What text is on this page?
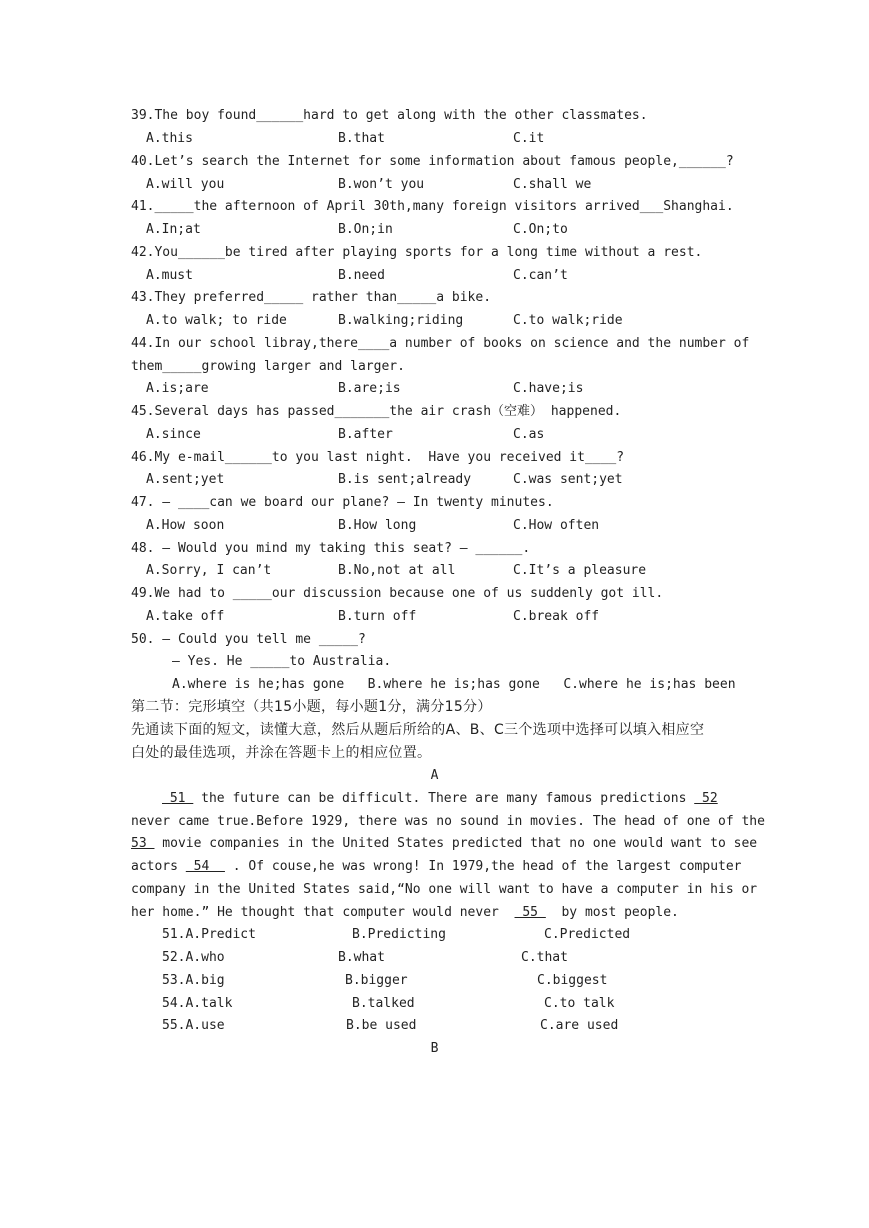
39.The boy found______hard to get along with the other classmates.
A.this	B.that	C.it
40.Let’s search the Internet for some information about famous people,______?
A.will you	B.won’t you	C.shall we
41._____the afternoon of April 30th,many foreign visitors arrived___Shanghai.
A.In;at	B.On;in	C.On;to
42.You______be tired after playing sports for a long time without a rest.
A.must	B.need	C.can’t
43.They preferred_____ rather than_____a bike.
A.to walk; to ride	B.walking;riding	C.to walk;ride
44.In our school libray,there____a number of books on science and the number of
them_____growing larger and larger.
A.is;are	B.are;is	C.have;is
45.Several days has passed_______the air crash（空难） happened.
A.since	B.after	C.as
46.My e-mail______to you last night.  Have you received it____?
A.sent;yet	B.is sent;already	C.was sent;yet
47. — ____can we board our plane? — In twenty minutes.
A.How soon	B.How long	C.How often
48. — Would you mind my taking this seat? — ______.
A.Sorry, I can’t	B.No,not at all	C.It’s a pleasure
49.We had to _____our discussion because one of us suddenly got ill.
A.take off	B.turn off	C.break off
50. — Could you tell me _____?
— Yes. He _____to Australia.
A.where is he;has gone   B.where he is;has gone   C.where he is;has been
第二节：完形填空（共15小题，每小题1分，满分15分）
先通读下面的短文，读懂大意，然后从题后所给的A、B、C三个选项中选择可以填入相应空
白处的最佳选项，并涂在答题卡上的相应位置。
A
51  the future can be difficult. There are many famous predictions  52
never came true.Before 1929, there was no sound in movies. The head of one of the
53  movie companies in the United States predicted that no one would want to see
actors  54   . Of couse,he was wrong! In 1979,the head of the largest computer
company in the United States said,“No one will want to have a computer in his or
her home.” He thought that computer would never   55   by most people.
51.A.Predict	B.Predicting	C.Predicted
52.A.who	B.what	C.that
53.A.big	B.bigger	C.biggest
54.A.talk	B.talked	C.to talk
55.A.use	B.be used	C.are used
B
